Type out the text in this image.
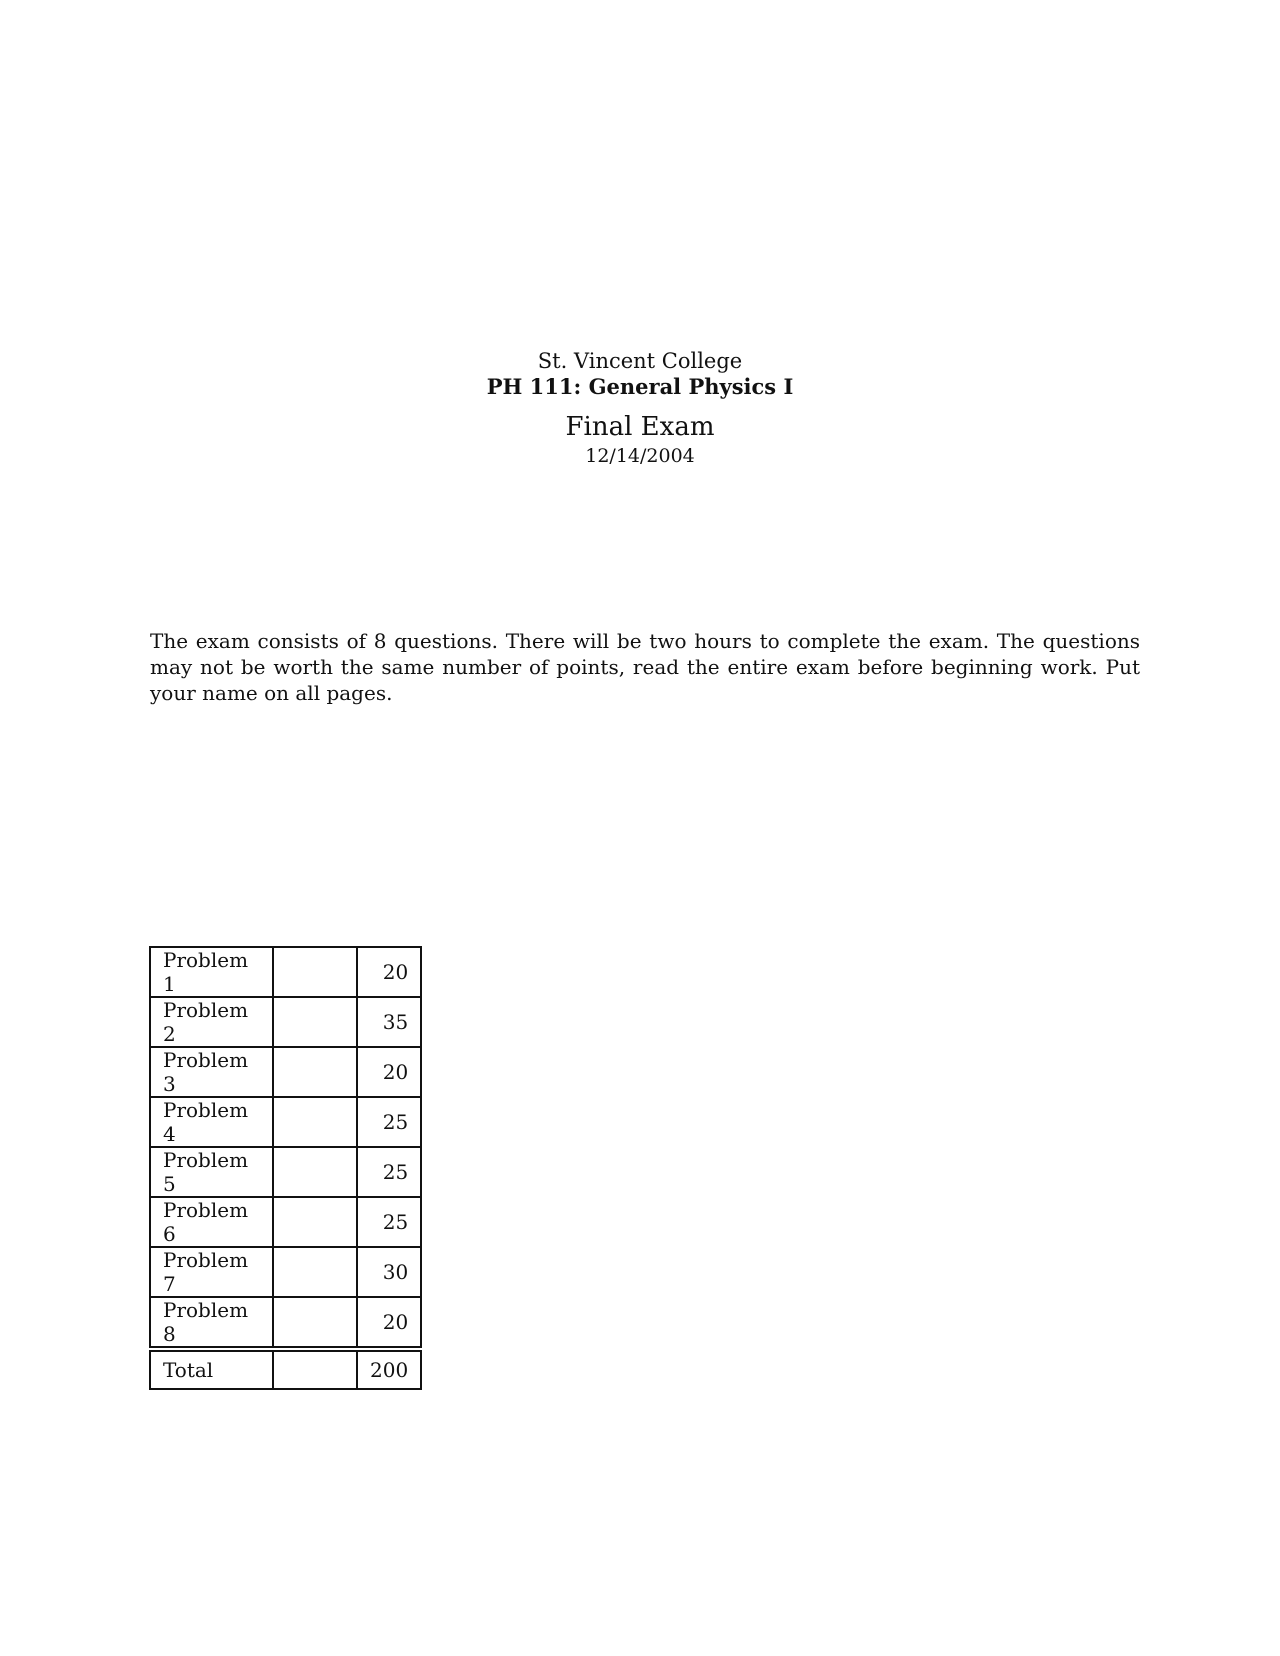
St. Vincent College
PH 111: General Physics I
Final Exam
12/14/2004

The exam consists of 8 questions. There will be two hours to complete the exam. The questions may not be worth the same number of points, read the entire exam before beginning work. Put your name on all pages.

Problem 1		20
Problem 2		35
Problem 3		20
Problem 4		25
Problem 5		25
Problem 6		25
Problem 7		30
Problem 8		20
Total		200
